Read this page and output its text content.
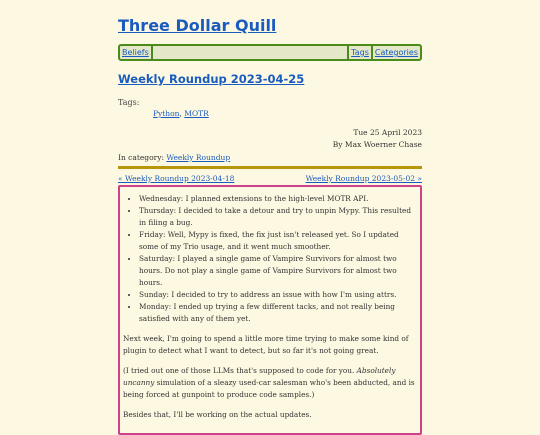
Three Dollar Quill
Beliefs	Tags Categories
Weekly Roundup 2023-04-25
Tags:
Python, MOTR
Tue 25 April 2023
By Max Woerner Chase
In category: Weekly Roundup
« Weekly Roundup 2023-04-18	Weekly Roundup 2023-05-02 »
• Wednesday: I planned extensions to the high-level MOTR API.
• Thursday: I decided to take a detour and try to unpin Mypy. This resulted in filing a bug.
• Friday: Well, Mypy is fixed, the fix just isn't released yet. So I updated some of my Trio usage, and it went much smoother.
• Saturday: I played a single game of Vampire Survivors for almost two hours. Do not play a single game of Vampire Survivors for almost two hours.
• Sunday: I decided to try to address an issue with how I'm using attrs.
• Monday: I ended up trying a few different tacks, and not really being satisfied with any of them yet.

Next week, I'm going to spend a little more time trying to make some kind of plugin to detect what I want to detect, but so far it's not going great.

(I tried out one of those LLMs that's supposed to code for you. Absolutely uncanny simulation of a sleazy used-car salesman who's been abducted, and is being forced at gunpoint to produce code samples.)

Besides that, I'll be working on the actual updates.
